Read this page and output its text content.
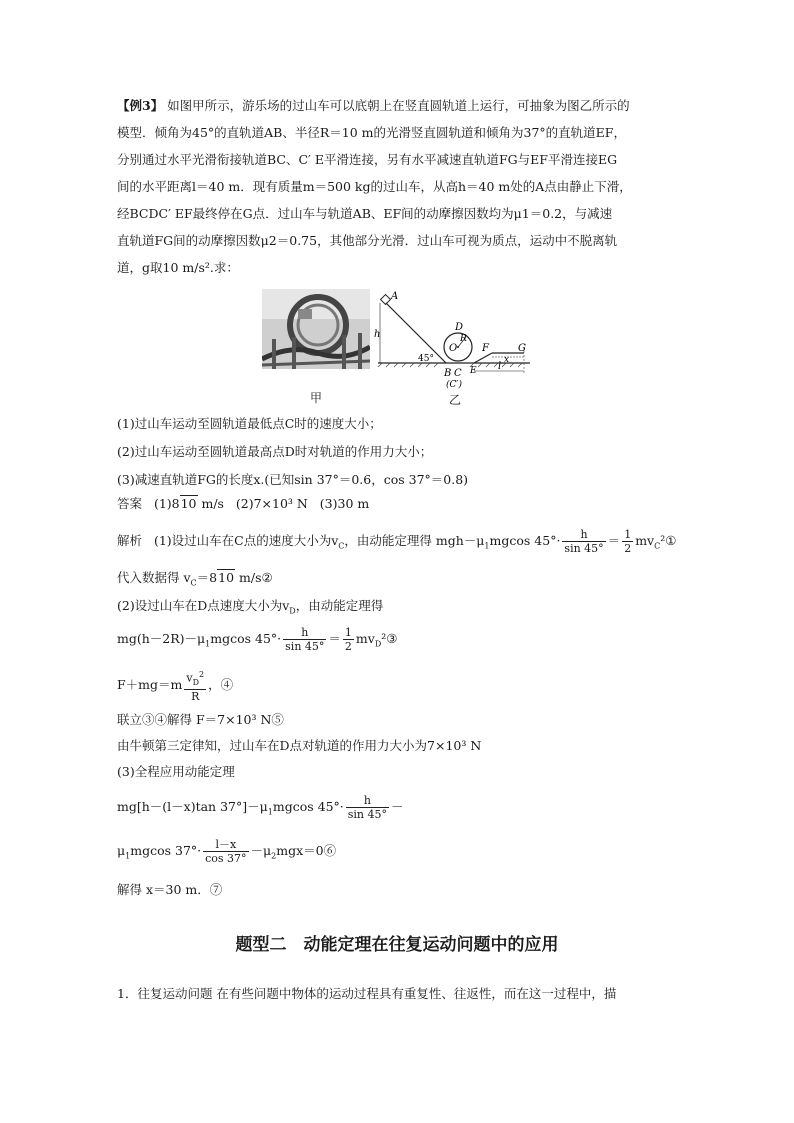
【例3】 如图甲所示，游乐场的过山车可以底朝上在竖直圆轨道上运行，可抽象为图乙所示的

模型．倾角为45°的直轨道AB、半径R＝10 m的光滑竖直圆轨道和倾角为37°的直轨道EF，

分别通过水平光滑衔接轨道BC、C′ E平滑连接，另有水平减速直轨道FG与EF平滑连接EG

间的水平距离l＝40 m．现有质量m＝500 kg的过山车，从高h＝40 m处的A点由静止下滑，

经BCDC′ EF最终停在G点．过山车与轨道AB、EF间的动摩擦因数均为μ1＝0.2，与减速

直轨道FG间的动摩擦因数μ2＝0.75，其他部分光滑．过山车可视为质点，运动中不脱离轨

道，g取10 m/s².求：

甲
A
h
45°
D
O
R
B C
(C′)
E
F
x
G
l
乙

(1)过山车运动至圆轨道最低点C时的速度大小；

(2)过山车运动至圆轨道最高点D时对轨道的作用力大小；

(3)减速直轨道FG的长度x.(已知sin 37°＝0.6，cos 37°＝0.8)

答案 (1)810 m/s (2)7×10³ N (3)30 m
解析 (1)设过山车在C点的速度大小为$v_C$，由动能定理得 $mgh-\mu_1mgcos$ $45^\circ\cdot \frac{h}{\sin 45^\circ} = \frac{1}{2}$ $mv_C^2①$
代入数据得 $v_C=810$ m/s②
(2)设过山车在D点速度大小为$v_D$，由动能定理得
$mg(h-2R)-\mu_1mgcos$ $45^\circ\cdot \frac{h}{\sin 45^\circ} = \frac{1}{2}$ $mv_D^2③$
$F+mg=m \frac{v_D^2}{R}$ ，④
联立③④解得 F＝7×10³ N⑤
由牛顿第三定律知，过山车在D点对轨道的作用力大小为7×10³ N
(3)全程应用动能定理
mg[h－(l－x)tan $37^\circ]-\mu_1mgcos$ $45^\circ\cdot \frac{h}{\sin 45^\circ}$ －
$\mu_1mgcos$ $37^\circ\cdot \frac{l-x}{\cos 37^\circ}$ $-\mu_2mgx=0⑥$
解得 x＝30 m．⑦
题型二　动能定理在往复运动问题中的应用
1．往复运动问题 在有些问题中物体的运动过程具有重复性、往返性，而在这一过程中，描
